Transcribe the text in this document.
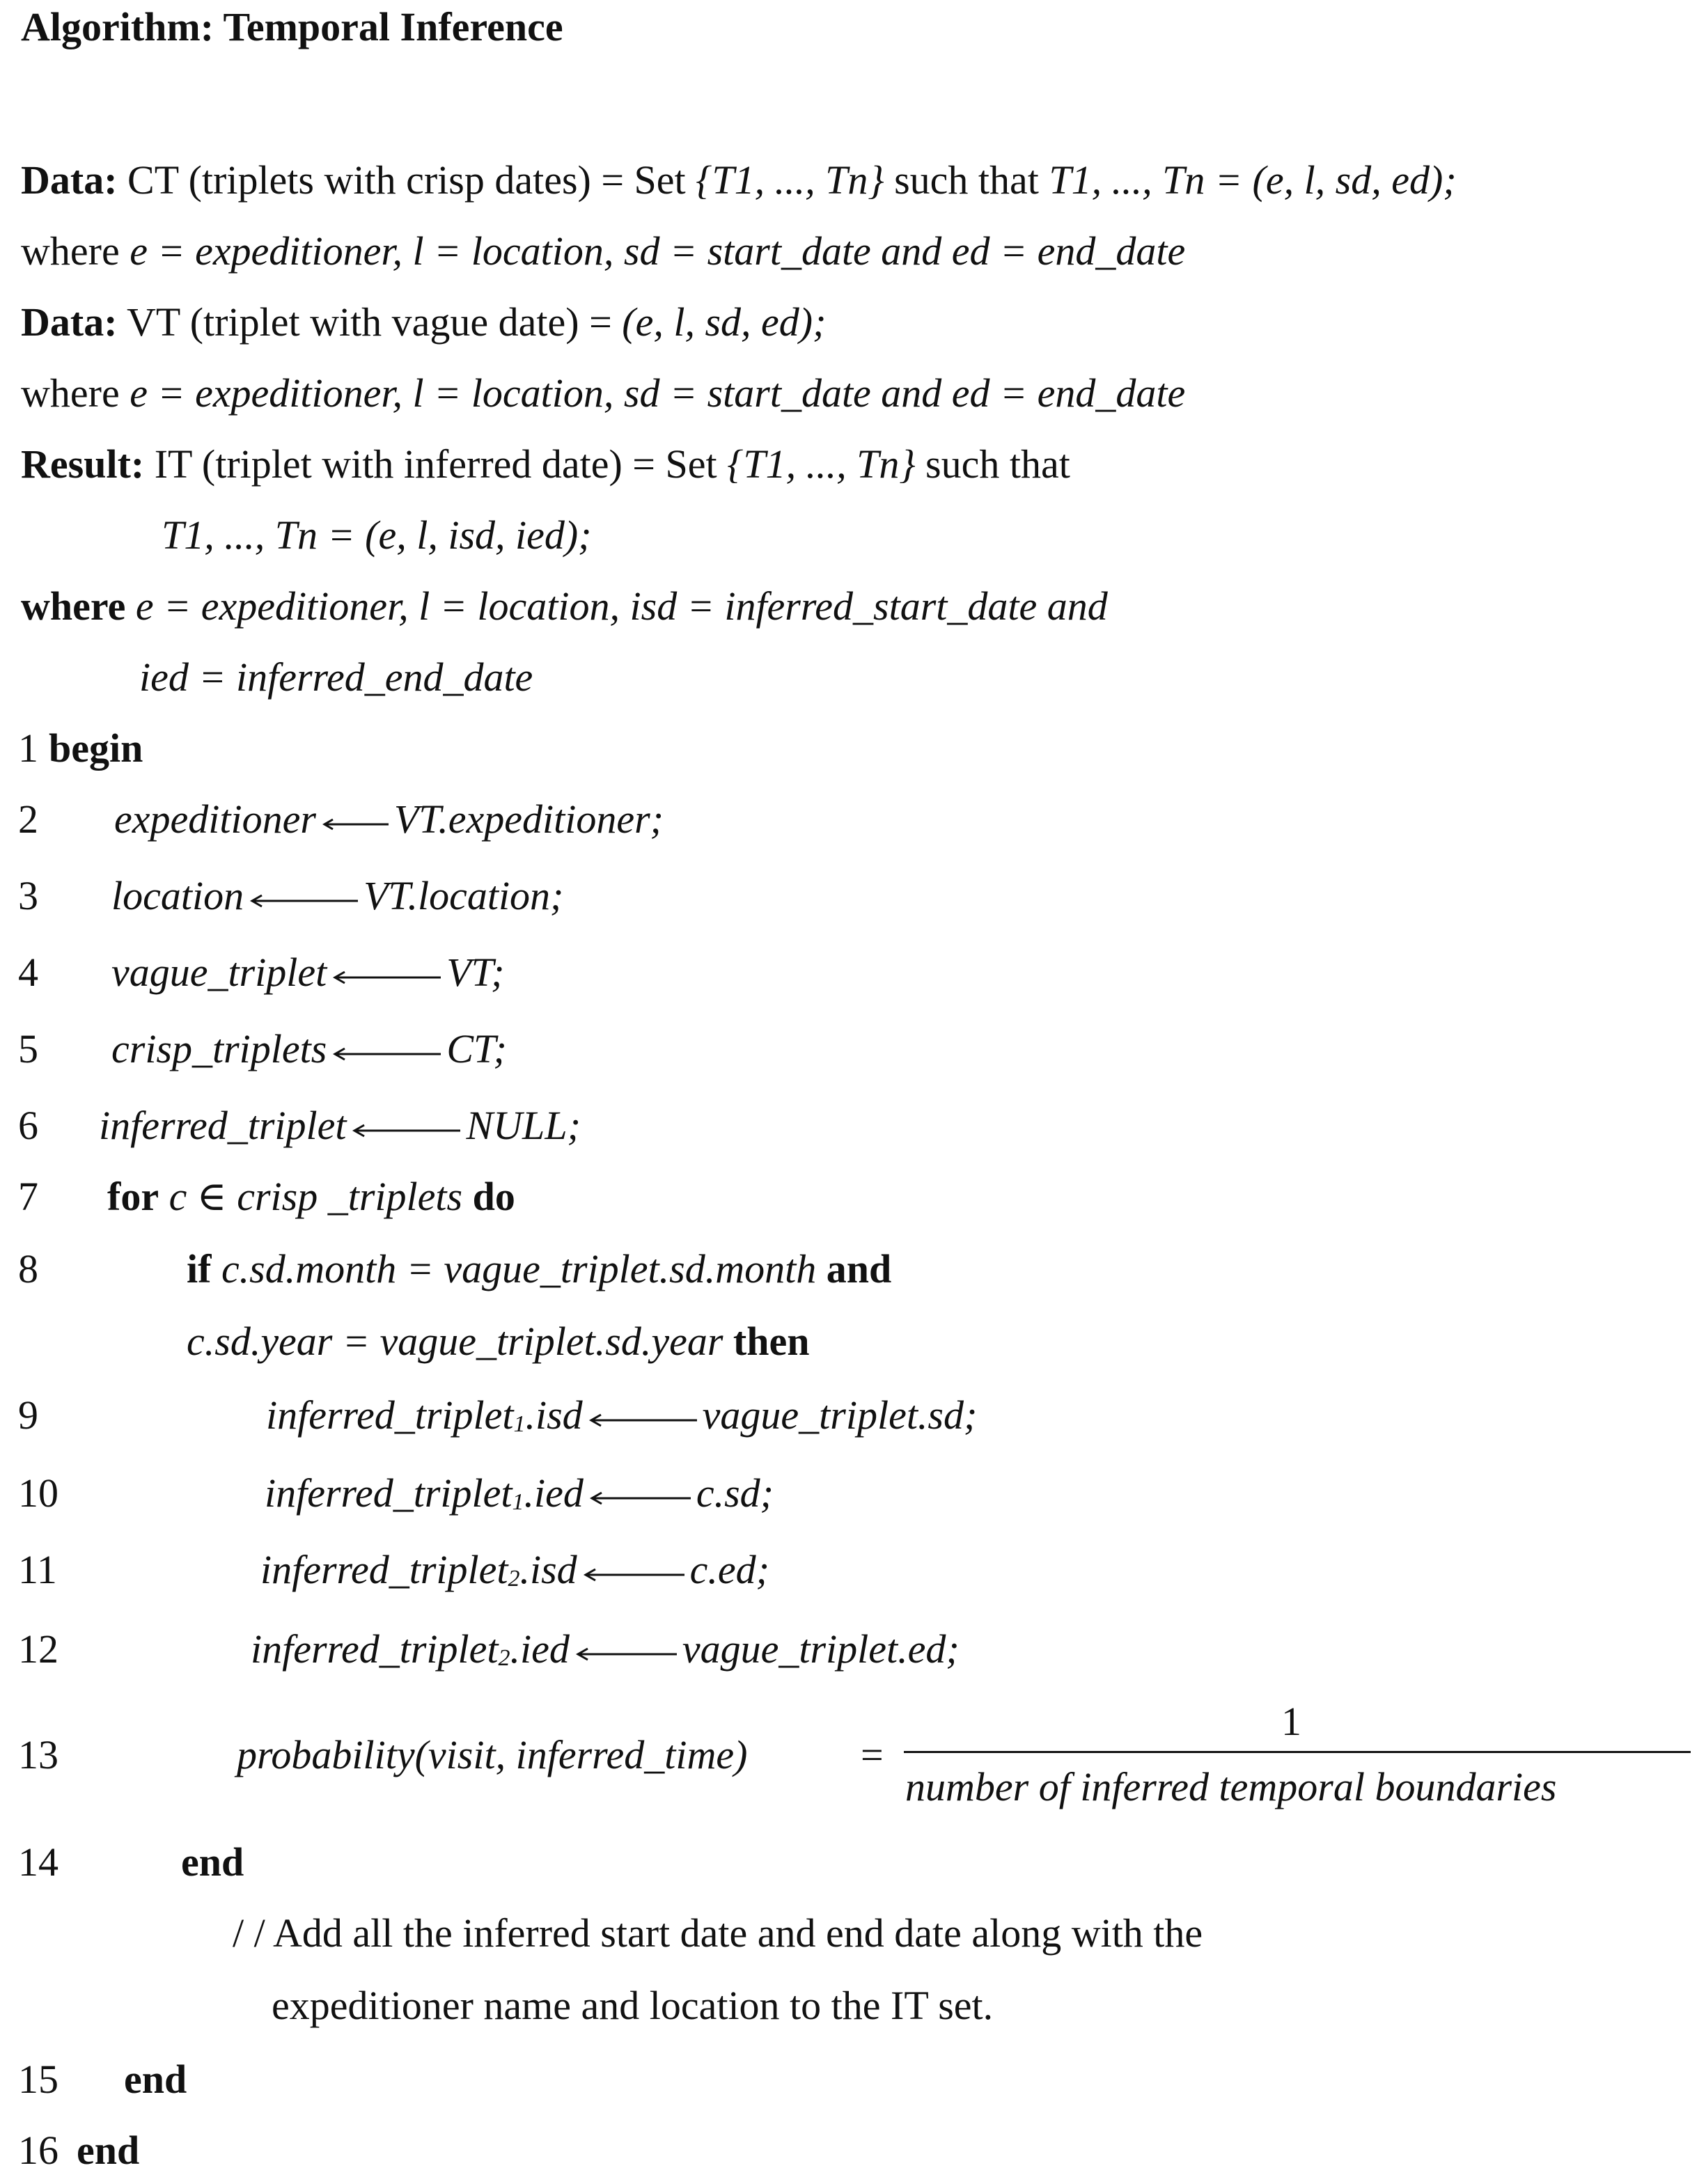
Algorithm: Temporal Inference
Data: CT (triplets with crisp dates) = Set {T1, ..., Tn} such that T1, ..., Tn = (e, l, sd, ed);
where e = expeditioner, l = location, sd = start_date and ed = end_date
Data: VT (triplet with vague date) = (e, l, sd, ed);
where e = expeditioner, l = location, sd = start_date and ed = end_date
Result: IT (triplet with inferred date) = Set {T1, ..., Tn} such that
T1, ..., Tn = (e, l, isd, ied);
where e = expeditioner, l = location, isd = inferred_start_date and
ied = inferred_end_date
1 begin
2 expeditioner VT.expeditioner;
3 location	VT.location;
4 vague_triplet	VT;
5 crisp_triplets	CT;
6 inferred_triplet	NULL;
7 for c ∈ crisp _triplets do
8	if c.sd.month = vague_triplet.sd.month and
c.sd.year = vague_triplet.sd.year then
9	inferred_triplet$_1$.isd	vague_triplet.sd;
10	inferred_triplet$_1$.ied	c.sd;
11	inferred_triplet$_2$.isd	c.ed;
12	inferred_triplet$_2$.ied	vague_triplet.ed;
13	probability(visit, inferred_time)	=
1
number of inferred temporal boundaries
14	end
/ / Add all the inferred start date and end date along with the
expeditioner name and location to the IT set.
15 end
16 end
